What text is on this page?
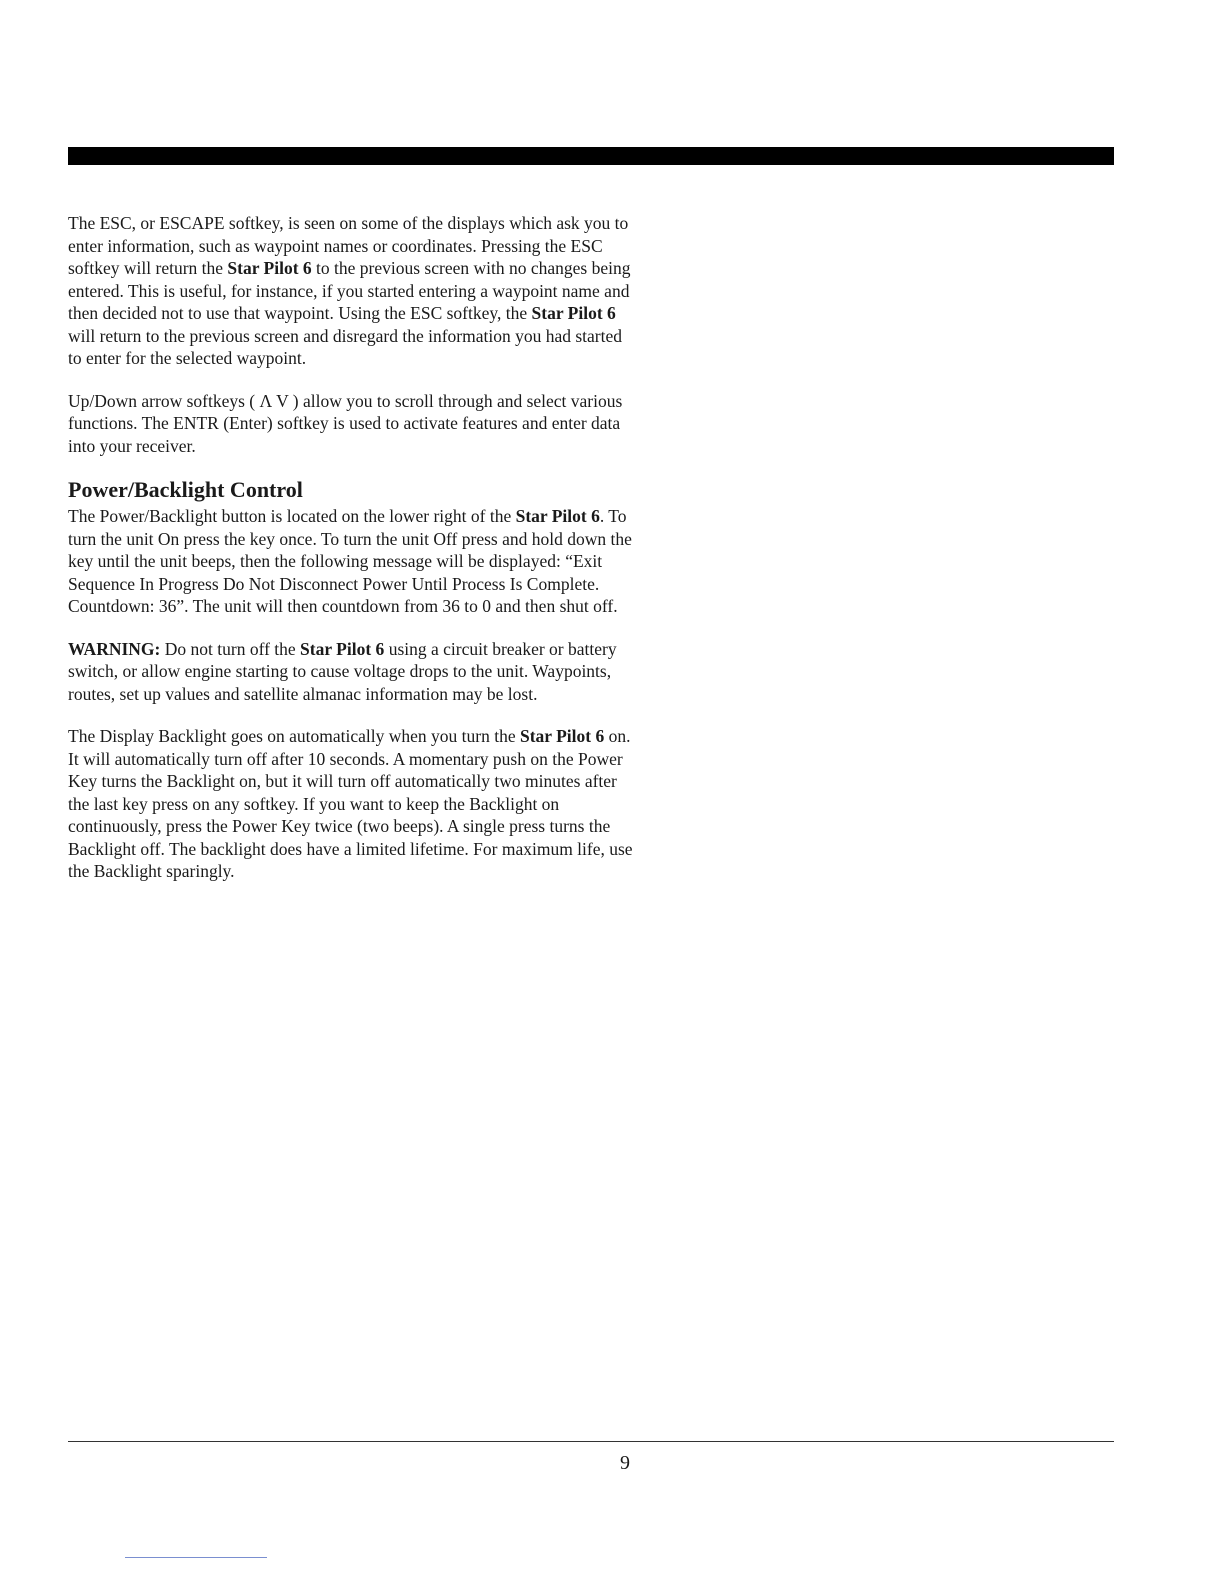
The ESC, or ESCAPE softkey, is seen on some of the displays which ask you to enter information, such as waypoint names or coordinates. Pressing the ESC softkey will return the Star Pilot 6 to the previous screen with no changes being entered. This is useful, for instance, if you started entering a waypoint name and then decided not to use that waypoint. Using the ESC softkey, the Star Pilot 6 will return to the previous screen and disregard the information you had started to enter for the selected waypoint.

Up/Down arrow softkeys ( Λ V ) allow you to scroll through and select various functions. The ENTR (Enter) softkey is used to activate features and enter data into your receiver.

Power/Backlight Control

The Power/Backlight button is located on the lower right of the Star Pilot 6. To turn the unit On press the key once. To turn the unit Off press and hold down the key until the unit beeps, then the following message will be displayed: “Exit Sequence In Progress Do Not Disconnect Power Until Process Is Complete. Countdown: 36”. The unit will then countdown from 36 to 0 and then shut off.

WARNING: Do not turn off the Star Pilot 6 using a circuit breaker or battery switch, or allow engine starting to cause voltage drops to the unit. Waypoints, routes, set up values and satellite almanac information may be lost.

The Display Backlight goes on automatically when you turn the Star Pilot 6 on. It will automatically turn off after 10 seconds. A momentary push on the Power Key turns the Backlight on, but it will turn off automatically two minutes after the last key press on any softkey. If you want to keep the Backlight on continuously, press the Power Key twice (two beeps). A single press turns the Backlight off. The backlight does have a limited lifetime. For maximum life, use the Backlight sparingly.

9
